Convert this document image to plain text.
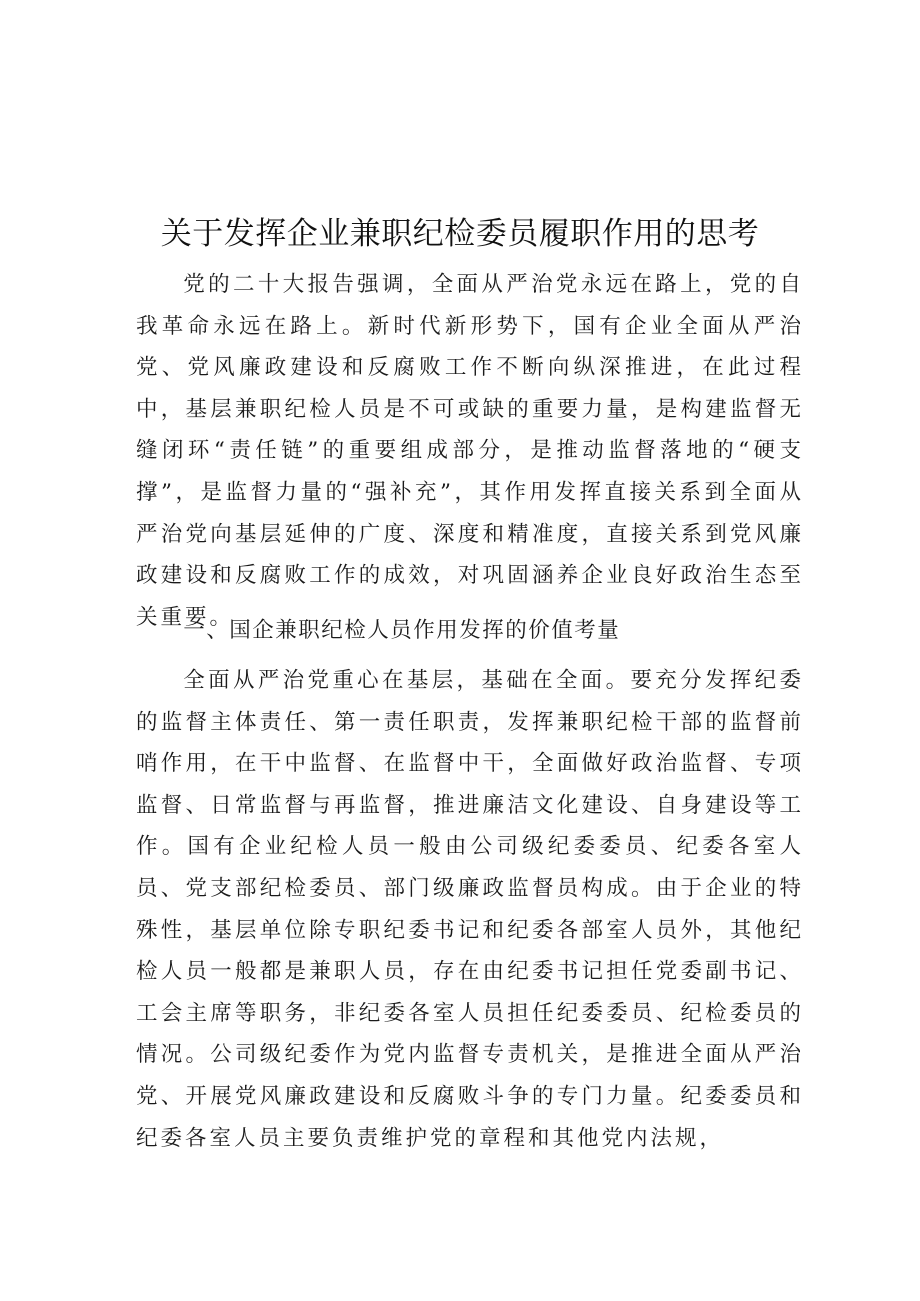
关于发挥企业兼职纪检委员履职作用的思考

党的二十大报告强调，全面从严治党永远在路上，党的自我革命永远在路上。新时代新形势下，国有企业全面从严治党、党风廉政建设和反腐败工作不断向纵深推进，在此过程中，基层兼职纪检人员是不可或缺的重要力量，是构建监督无缝闭环“责任链”的重要组成部分，是推动监督落地的“硬支撑”，是监督力量的“强补充”，其作用发挥直接关系到全面从严治党向基层延伸的广度、深度和精准度，直接关系到党风廉政建设和反腐败工作的成效，对巩固涵养企业良好政治生态至关重要。

一、国企兼职纪检人员作用发挥的价值考量

全面从严治党重心在基层，基础在全面。要充分发挥纪委的监督主体责任、第一责任职责，发挥兼职纪检干部的监督前哨作用，在干中监督、在监督中干，全面做好政治监督、专项监督、日常监督与再监督，推进廉洁文化建设、自身建设等工作。国有企业纪检人员一般由公司级纪委委员、纪委各室人员、党支部纪检委员、部门级廉政监督员构成。由于企业的特殊性，基层单位除专职纪委书记和纪委各部室人员外，其他纪检人员一般都是兼职人员，存在由纪委书记担任党委副书记、工会主席等职务，非纪委各室人员担任纪委委员、纪检委员的情况。公司级纪委作为党内监督专责机关，是推进全面从严治党、开展党风廉政建设和反腐败斗争的专门力量。纪委委员和纪委各室人员主要负责维护党的章程和其他党内法规，
